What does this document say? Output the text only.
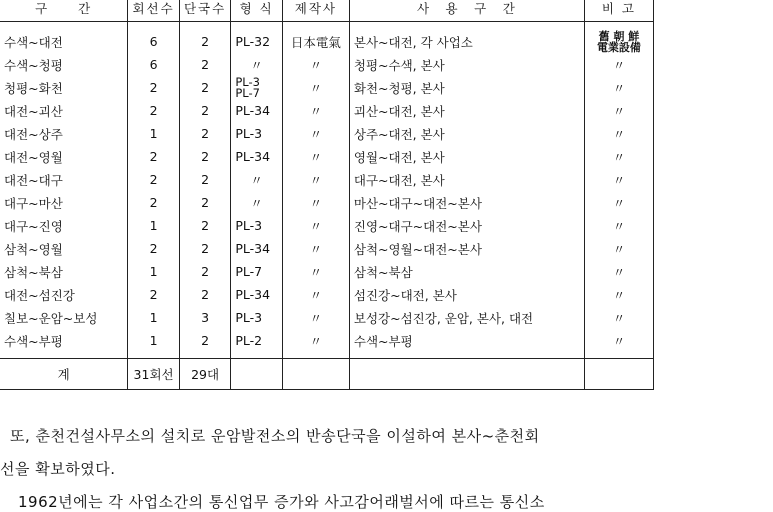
구　　간	회선수	단국수	형 식	제작사	사　용　구　간	비 고
수색~대전	6	2	PL-32	日本電氣	본사~대전, 각 사업소	舊 朝 鮮 電業設備

수색~청평	6	2	〃	〃	청평~수색, 본사	〃
청평~화천	2	2	PL-3 PL-7	〃	화천~청평, 본사	〃
대전~괴산	2	2	PL-34	〃	괴산~대전, 본사	〃
대전~상주	1	2	PL-3	〃	상주~대전, 본사	〃
대전~영월	2	2	PL-34	〃	영월~대전, 본사	〃
대전~대구	2	2	〃	〃	대구~대전, 본사	〃
대구~마산	2	2	〃	〃	마산~대구~대전~본사	〃
대구~진영	1	2	PL-3	〃	진영~대구~대전~본사	〃
삼척~영월	2	2	PL-34	〃	삼척~영월~대전~본사	〃
삼척~북삼	1	2	PL-7	〃	삼척~북삼	〃
대전~섬진강	2	2	PL-34	〃	섬진강~대전, 본사	〃
칠보~운암~보성	1	3	PL-3	〃	보성강~섬진강, 운암, 본사, 대전	〃
수색~부평	1	2	PL-2	〃	수색~부평	〃
계	31회선	29대				

또, 춘천건설사무소의 설치로 운암발전소의 반송단국을 이설하여 본사~춘천회

선을 확보하였다.

1962년에는 각 사업소간의 통신업무 증가와 사고감어래벌서에 따르는 통신소
